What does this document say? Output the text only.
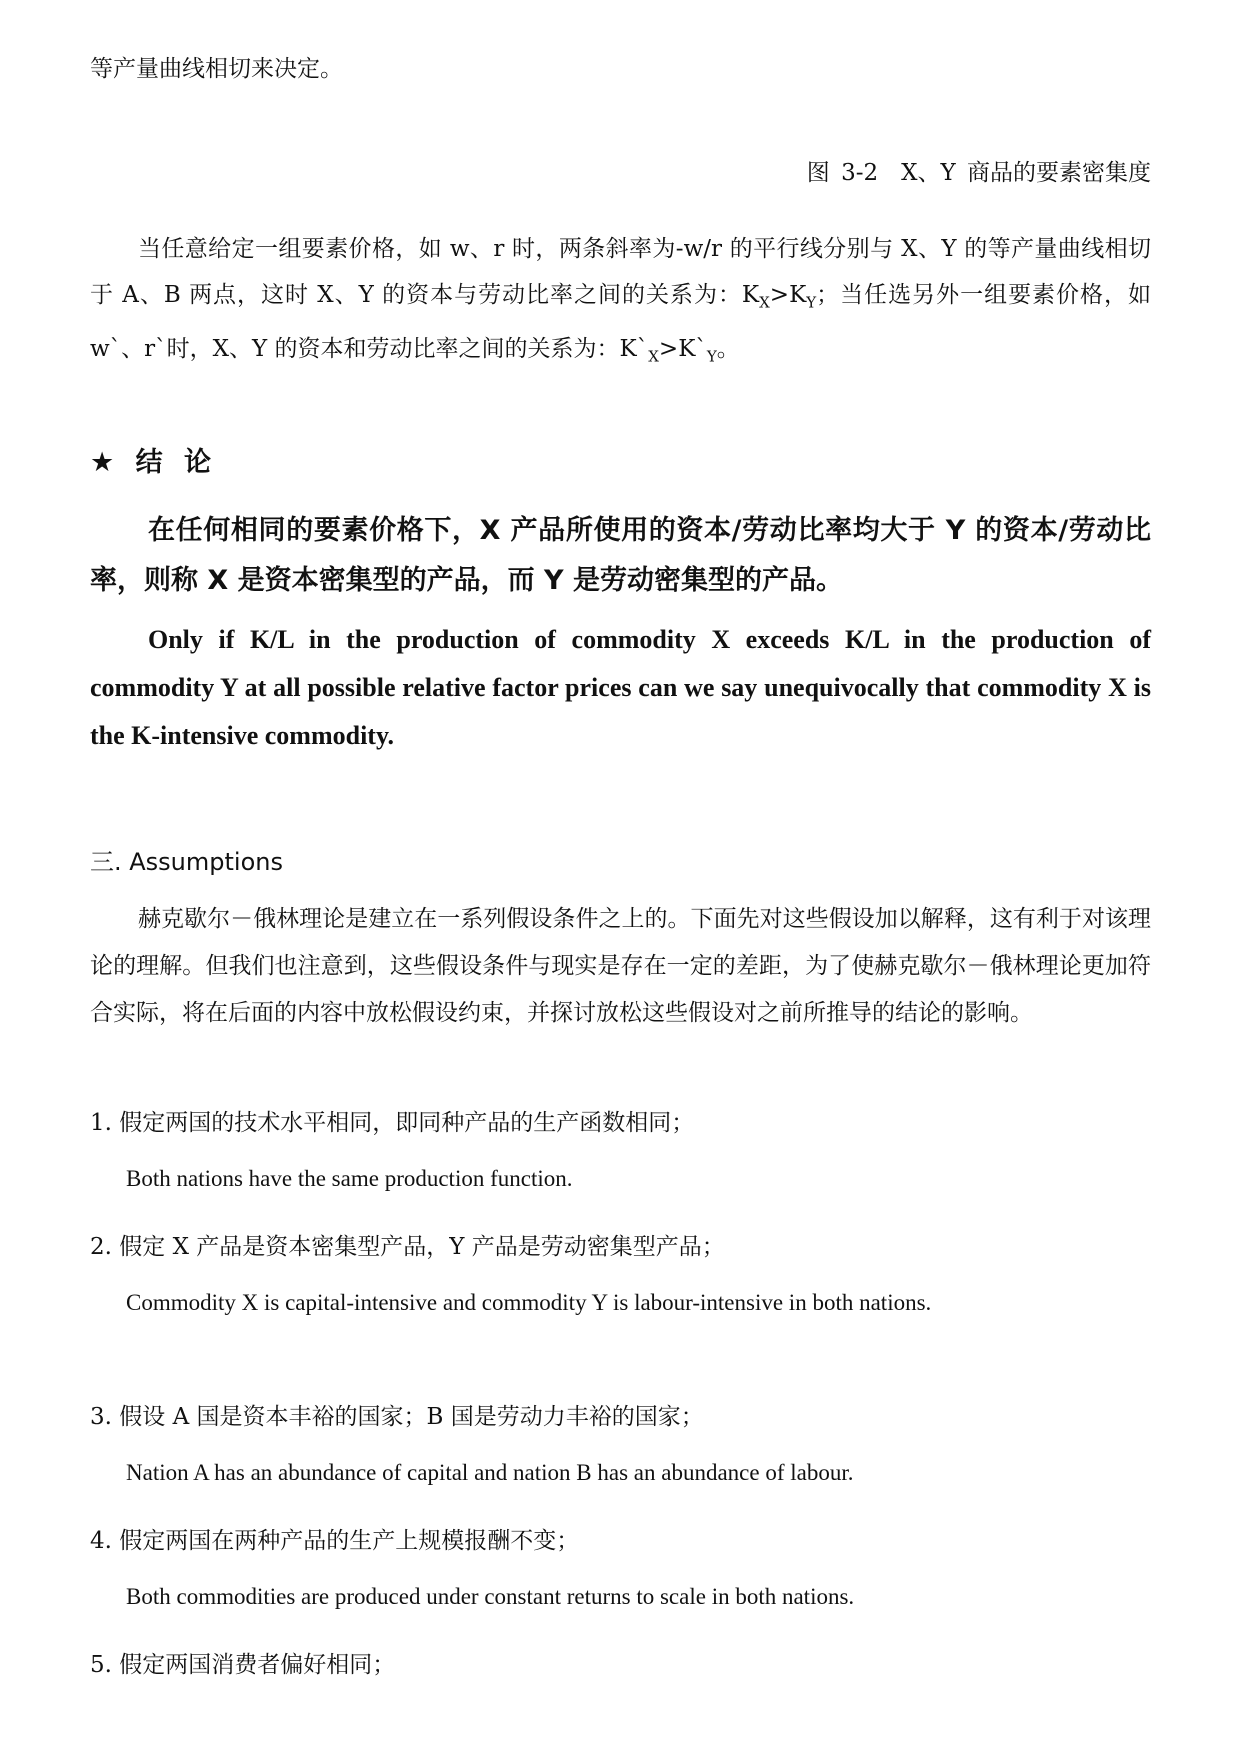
等产量曲线相切来决定。
图 3-2　X、Y 商品的要素密集度
当任意给定一组要素价格，如 w、r 时，两条斜率为-w/r 的平行线分别与 X、Y 的等产量曲线相切于 A、B 两点，这时 X、Y 的资本与劳动比率之间的关系为：$K_X>K_Y$；当任选另外一组要素价格，如 w`、r`时，X、Y 的资本和劳动比率之间的关系为：$K`_X>K`_Y$。
★ 结 论
在任何相同的要素价格下，X 产品所使用的资本/劳动比率均大于 Y 的资本/劳动比率，则称 X 是资本密集型的产品，而 Y 是劳动密集型的产品。
Only if K/L in the production of commodity X exceeds K/L in the production of commodity Y at all possible relative factor prices can we say unequivocally that commodity X is the K-intensive commodity.
三. Assumptions
赫克歇尔－俄林理论是建立在一系列假设条件之上的。下面先对这些假设加以解释，这有利于对该理论的理解。但我们也注意到，这些假设条件与现实是存在一定的差距，为了使赫克歇尔－俄林理论更加符合实际，将在后面的内容中放松假设约束，并探讨放松这些假设对之前所推导的结论的影响。
1. 假定两国的技术水平相同，即同种产品的生产函数相同；
Both nations have the same production function.
2. 假定 X 产品是资本密集型产品，Y 产品是劳动密集型产品；
Commodity X is capital-intensive and commodity Y is labour-intensive in both nations.
3. 假设 A 国是资本丰裕的国家；B 国是劳动力丰裕的国家；
Nation A has an abundance of capital and nation B has an abundance of labour.
4. 假定两国在两种产品的生产上规模报酬不变；
Both commodities are produced under constant returns to scale in both nations.
5. 假定两国消费者偏好相同；
